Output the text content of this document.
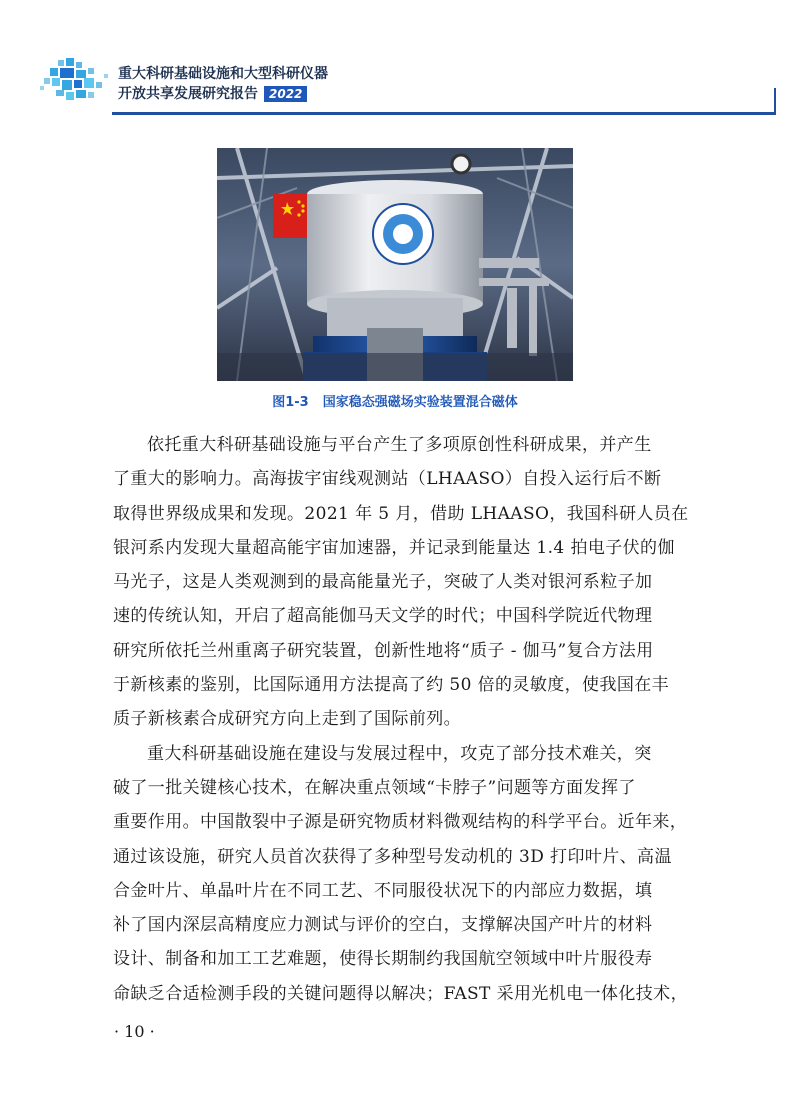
重大科研基础设施和大型科研仪器
开放共享发展研究报告 2022
图1-3 国家稳态强磁场实验装置混合磁体

依托重大科研基础设施与平台产生了多项原创性科研成果，并产生
了重大的影响力。高海拔宇宙线观测站（LHAASO）自投入运行后不断
取得世界级成果和发现。2021 年 5 月，借助 LHAASO，我国科研人员在
银河系内发现大量超高能宇宙加速器，并记录到能量达 1.4 拍电子伏的伽
马光子，这是人类观测到的最高能量光子，突破了人类对银河系粒子加
速的传统认知，开启了超高能伽马天文学的时代；中国科学院近代物理
研究所依托兰州重离子研究装置，创新性地将“质子 - 伽马”复合方法用
于新核素的鉴别，比国际通用方法提高了约 50 倍的灵敏度，使我国在丰
质子新核素合成研究方向上走到了国际前列。

重大科研基础设施在建设与发展过程中，攻克了部分技术难关，突
破了一批关键核心技术，在解决重点领域“卡脖子”问题等方面发挥了
重要作用。中国散裂中子源是研究物质材料微观结构的科学平台。近年来，
通过该设施，研究人员首次获得了多种型号发动机的 3D 打印叶片、高温
合金叶片、单晶叶片在不同工艺、不同服役状况下的内部应力数据，填
补了国内深层高精度应力测试与评价的空白，支撑解决国产叶片的材料
设计、制备和加工工艺难题，使得长期制约我国航空领域中叶片服役寿
命缺乏合适检测手段的关键问题得以解决；FAST 采用光机电一体化技术，

· 10 ·
